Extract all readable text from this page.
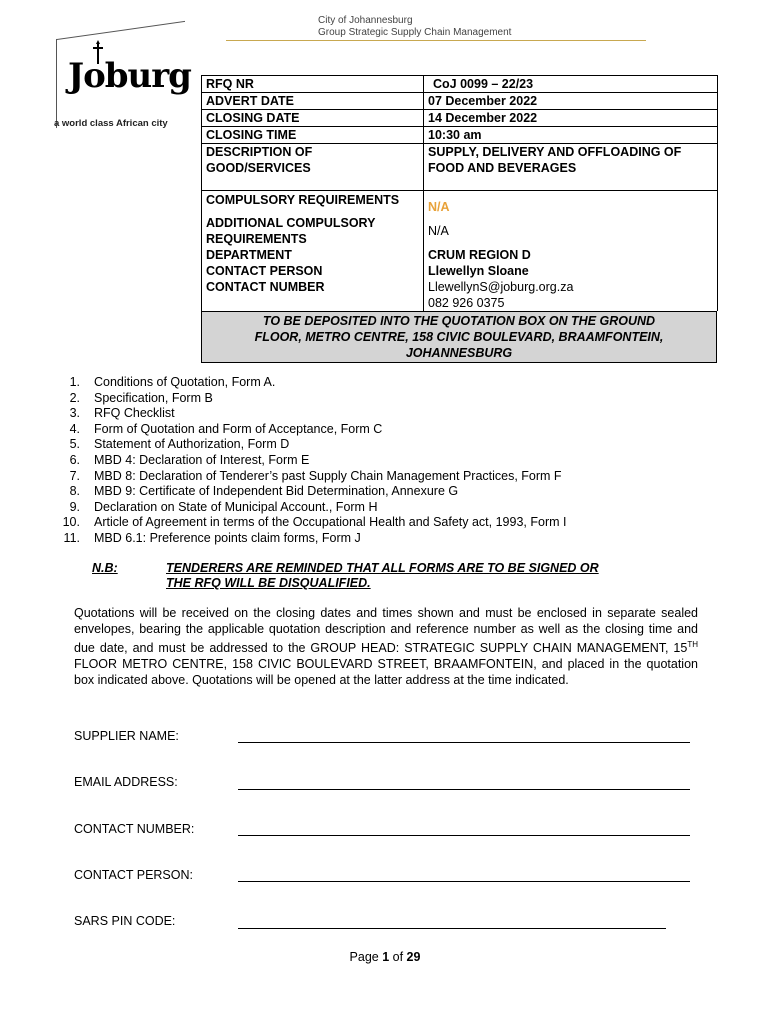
City of Johannesburg
Group Strategic Supply Chain Management
Joburg
a world class African city
RFQ NR	CoJ 0099 – 22/23
ADVERT DATE	07 December 2022
CLOSING DATE	14 December 2022
CLOSING TIME	10:30 am
DESCRIPTION OF GOOD/SERVICES	SUPPLY, DELIVERY AND OFFLOADING OF FOOD AND BEVERAGES
COMPULSORY REQUIREMENTS	N/A
ADDITIONAL COMPULSORY REQUIREMENTS	N/A
DEPARTMENT	CRUM REGION D
CONTACT PERSON	Llewellyn Sloane
CONTACT NUMBER	LlewellynS@joburg.org.za
082 926 0375
TO BE DEPOSITED INTO THE QUOTATION BOX ON THE GROUND FLOOR, METRO CENTRE, 158 CIVIC BOULEVARD, BRAAMFONTEIN, JOHANNESBURG
1.	Conditions of Quotation, Form A.
2.	Specification, Form B
3.	RFQ Checklist
4.	Form of Quotation and Form of Acceptance, Form C
5.	Statement of Authorization, Form D
6.	MBD 4: Declaration of Interest, Form E
7.	MBD 8: Declaration of Tenderer’s past Supply Chain Management Practices, Form F
8.	MBD 9: Certificate of Independent Bid Determination, Annexure G
9.	Declaration on State of Municipal Account., Form H
10.	Article of Agreement in terms of the Occupational Health and Safety act, 1993, Form I
11.	MBD 6.1: Preference points claim forms, Form J
N.B:	TENDERERS ARE REMINDED THAT ALL FORMS ARE TO BE SIGNED OR
THE RFQ WILL BE DISQUALIFIED.
Quotations will be received on the closing dates and times shown and must be enclosed in separate sealed envelopes, bearing the applicable quotation description and reference number as well as the closing time and due date, and must be addressed to the GROUP HEAD: STRATEGIC SUPPLY CHAIN MANAGEMENT, 15TH FLOOR METRO CENTRE, 158 CIVIC BOULEVARD STREET, BRAAMFONTEIN, and placed in the quotation box indicated above. Quotations will be opened at the latter address at the time indicated.
SUPPLIER NAME:
EMAIL ADDRESS:
CONTACT NUMBER:
CONTACT PERSON:
SARS PIN CODE:
Page 1 of 29
